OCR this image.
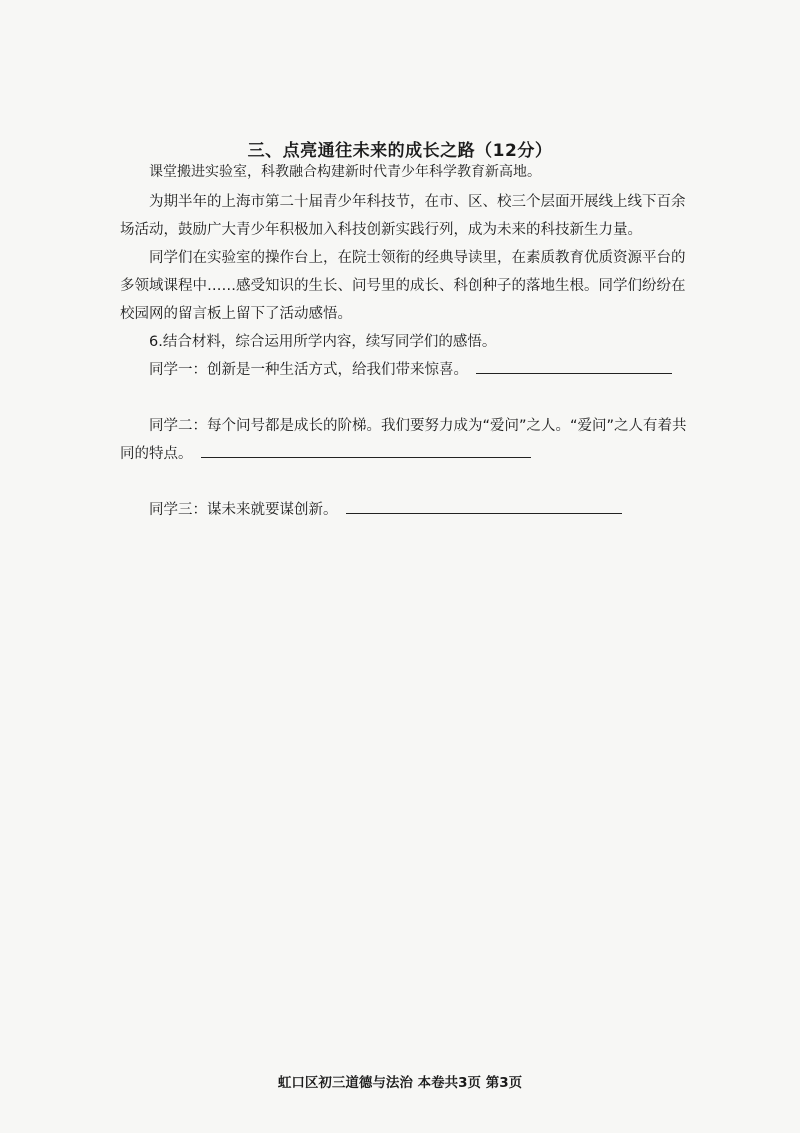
三、点亮通往未来的成长之路（12分）

课堂搬进实验室，科教融合构建新时代青少年科学教育新高地。

为期半年的上海市第二十届青少年科技节，在市、区、校三个层面开展线上线下百余场活动，鼓励广大青少年积极加入科技创新实践行列，成为未来的科技新生力量。

同学们在实验室的操作台上，在院士领衔的经典导读里，在素质教育优质资源平台的多领域课程中……感受知识的生长、问号里的成长、科创种子的落地生根。同学们纷纷在校园网的留言板上留下了活动感悟。

6.结合材料，综合运用所学内容，续写同学们的感悟。

同学一：创新是一种生活方式，给我们带来惊喜。

同学二：每个问号都是成长的阶梯。我们要努力成为“爱问”之人。“爱问”之人有着共同的特点。

同学三：谋未来就要谋创新。

虹口区初三道德与法治 本卷共3页 第3页
